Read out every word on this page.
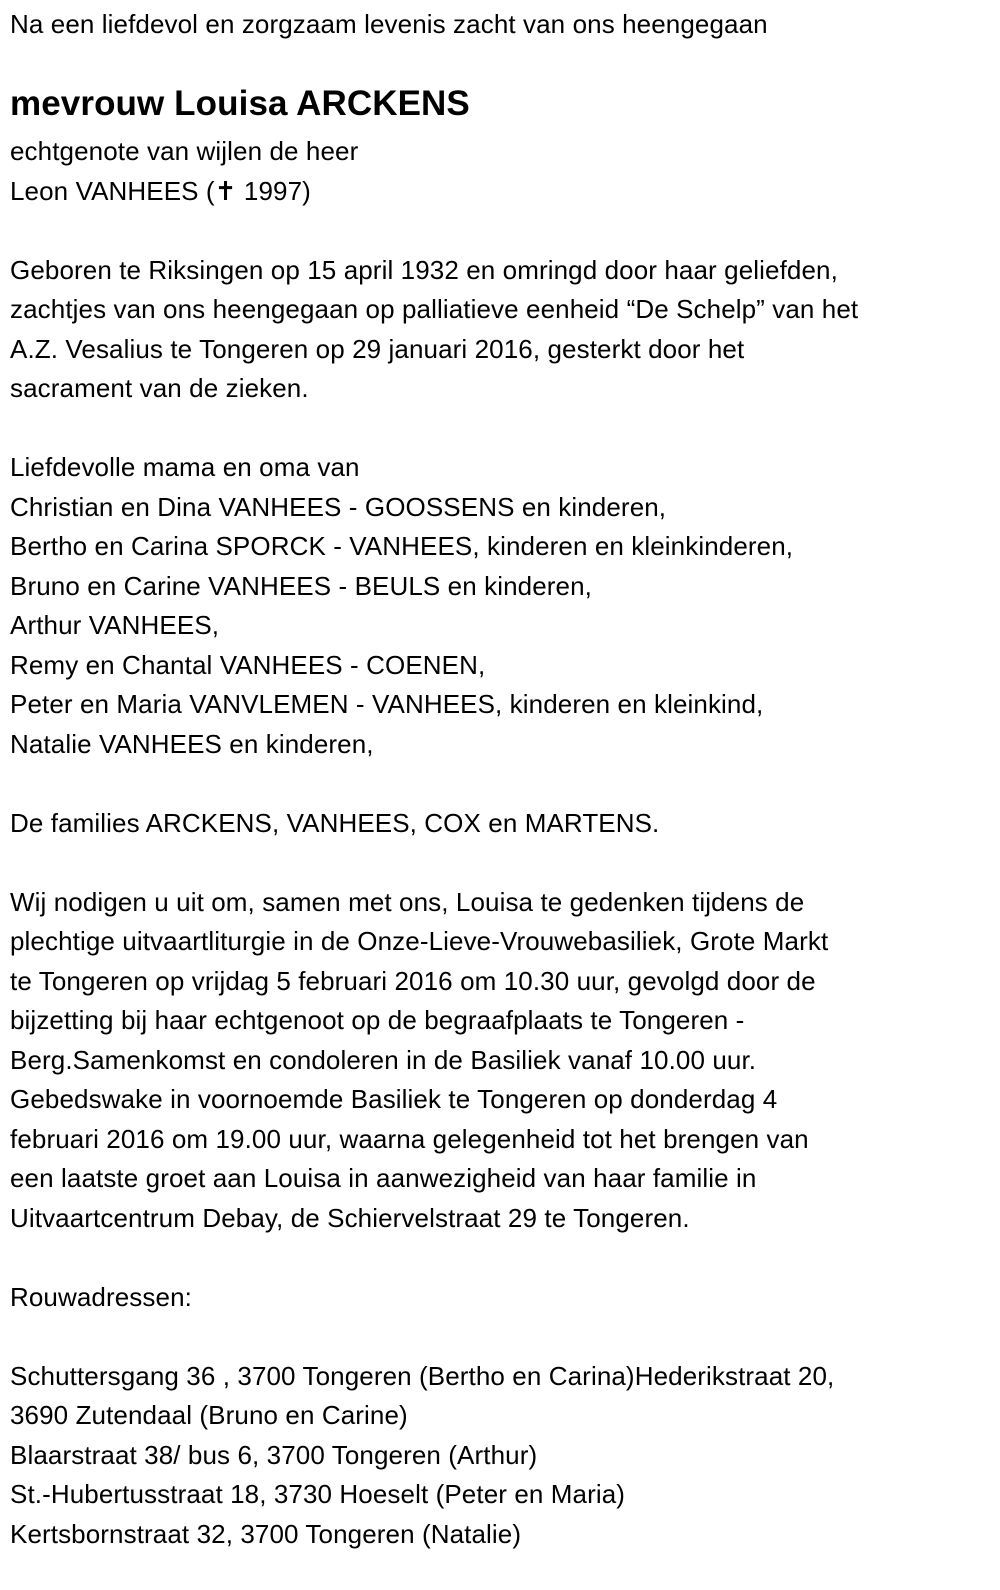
Na een liefdevol en zorgzaam levenis zacht van ons heengegaan
mevrouw Louisa ARCKENS
echtgenote van wijlen de heer
Leon VANHEES (✝ 1997)
Geboren te Riksingen op 15 april 1932 en omringd door haar geliefden,
zachtjes van ons heengegaan op palliatieve eenheid “De Schelp” van het
A.Z. Vesalius te Tongeren op 29 januari 2016, gesterkt door het
sacrament van de zieken.
Liefdevolle mama en oma van
Christian en Dina VANHEES - GOOSSENS en kinderen,
Bertho en Carina SPORCK - VANHEES, kinderen en kleinkinderen,
Bruno en Carine VANHEES - BEULS en kinderen,
Arthur VANHEES,
Remy en Chantal VANHEES - COENEN,
Peter en Maria VANVLEMEN - VANHEES, kinderen en kleinkind,
Natalie VANHEES en kinderen,
De families ARCKENS, VANHEES, COX en MARTENS.
Wij nodigen u uit om, samen met ons, Louisa te gedenken tijdens de
plechtige uitvaartliturgie in de Onze-Lieve-Vrouwebasiliek, Grote Markt
te Tongeren op vrijdag 5 februari 2016 om 10.30 uur, gevolgd door de
bijzetting bij haar echtgenoot op de begraafplaats te Tongeren -
Berg.Samenkomst en condoleren in de Basiliek vanaf 10.00 uur.
Gebedswake in voornoemde Basiliek te Tongeren op donderdag 4
februari 2016 om 19.00 uur, waarna gelegenheid tot het brengen van
een laatste groet aan Louisa in aanwezigheid van haar familie in
Uitvaartcentrum Debay, de Schiervelstraat 29 te Tongeren.
Rouwadressen:
Schuttersgang 36 , 3700 Tongeren (Bertho en Carina)Hederikstraat 20,
3690 Zutendaal (Bruno en Carine)
Blaarstraat 38/ bus 6, 3700 Tongeren (Arthur)
St.-Hubertusstraat 18, 3730 Hoeselt (Peter en Maria)
Kertsbornstraat 32, 3700 Tongeren (Natalie)
